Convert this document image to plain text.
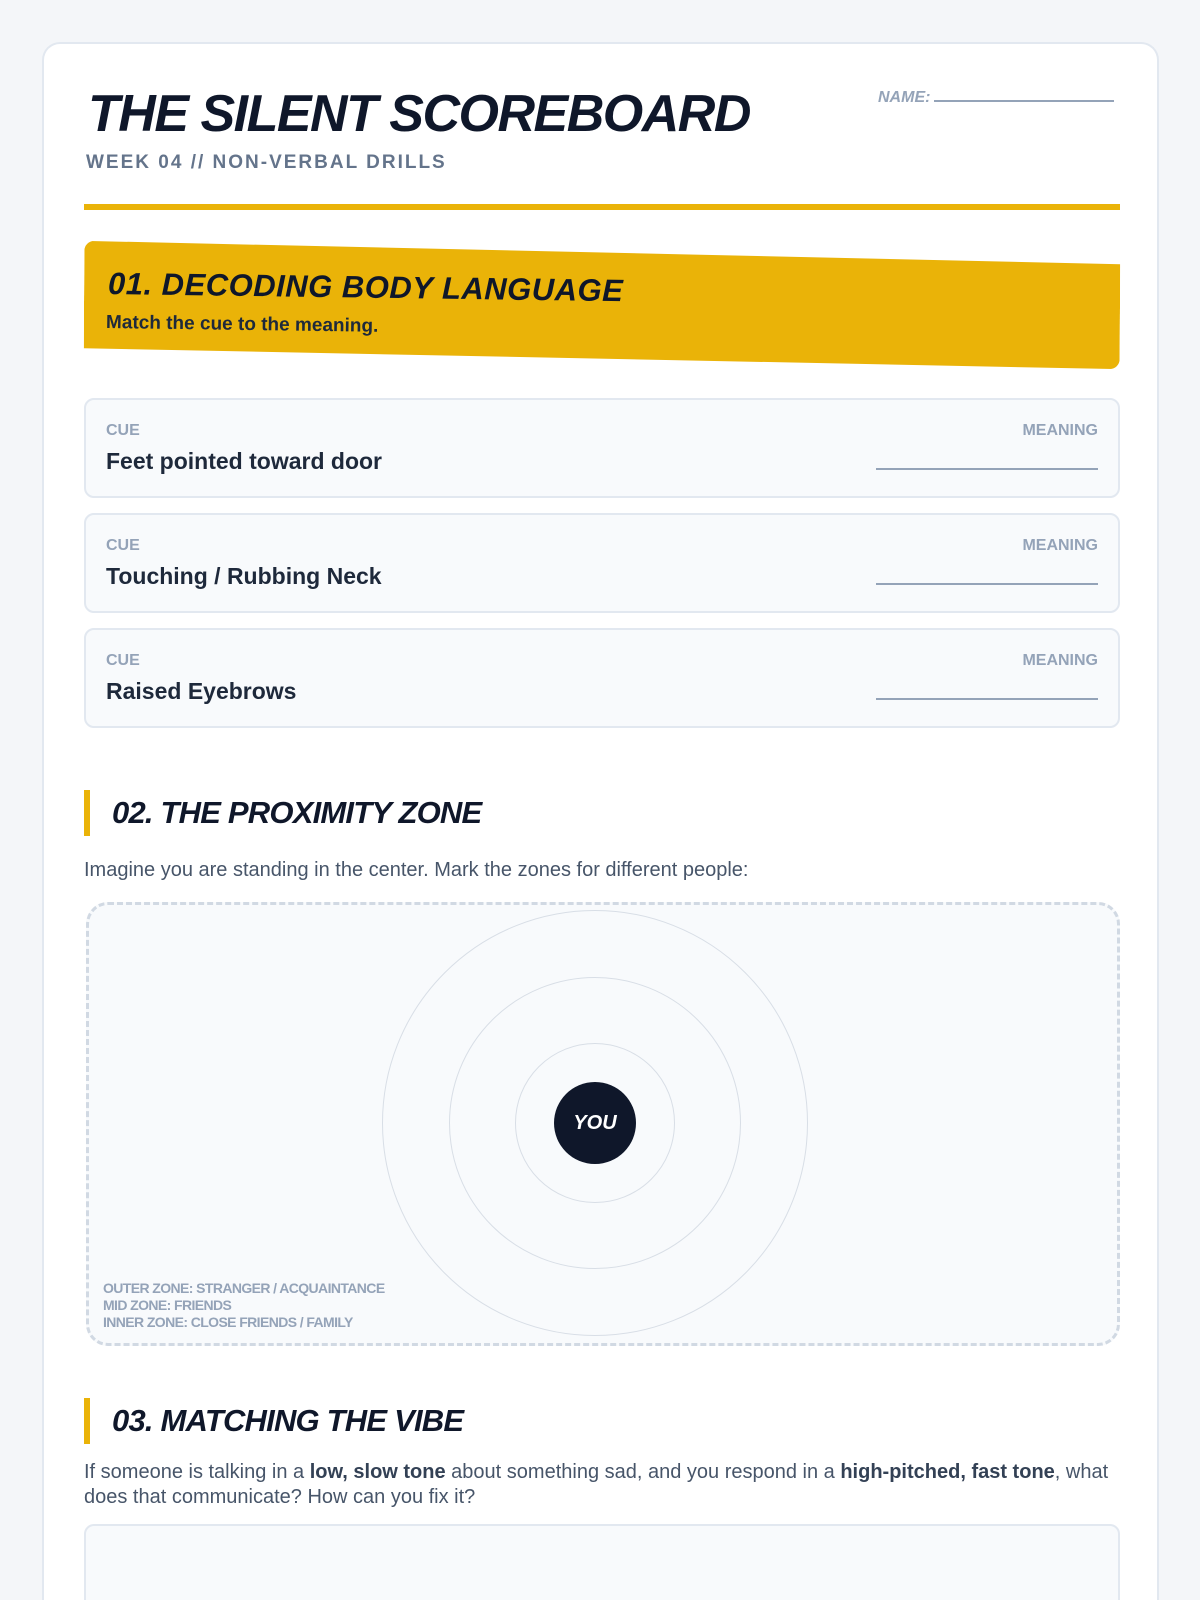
THE SILENT SCOREBOARD
WEEK 04 // NON-VERBAL DRILLS
NAME:
01. DECODING BODY LANGUAGE
Match the cue to the meaning.
CUE
Feet pointed toward door
MEANING
CUE
Touching / Rubbing Neck
MEANING
CUE
Raised Eyebrows
MEANING
02. THE PROXIMITY ZONE
Imagine you are standing in the center. Mark the zones for different people:
YOU
OUTER ZONE: STRANGER / ACQUAINTANCE
MID ZONE: FRIENDS
INNER ZONE: CLOSE FRIENDS / FAMILY
03. MATCHING THE VIBE
If someone is talking in a low, slow tone about something sad, and you respond in a high-pitched, fast tone, what does that communicate? How can you fix it?
